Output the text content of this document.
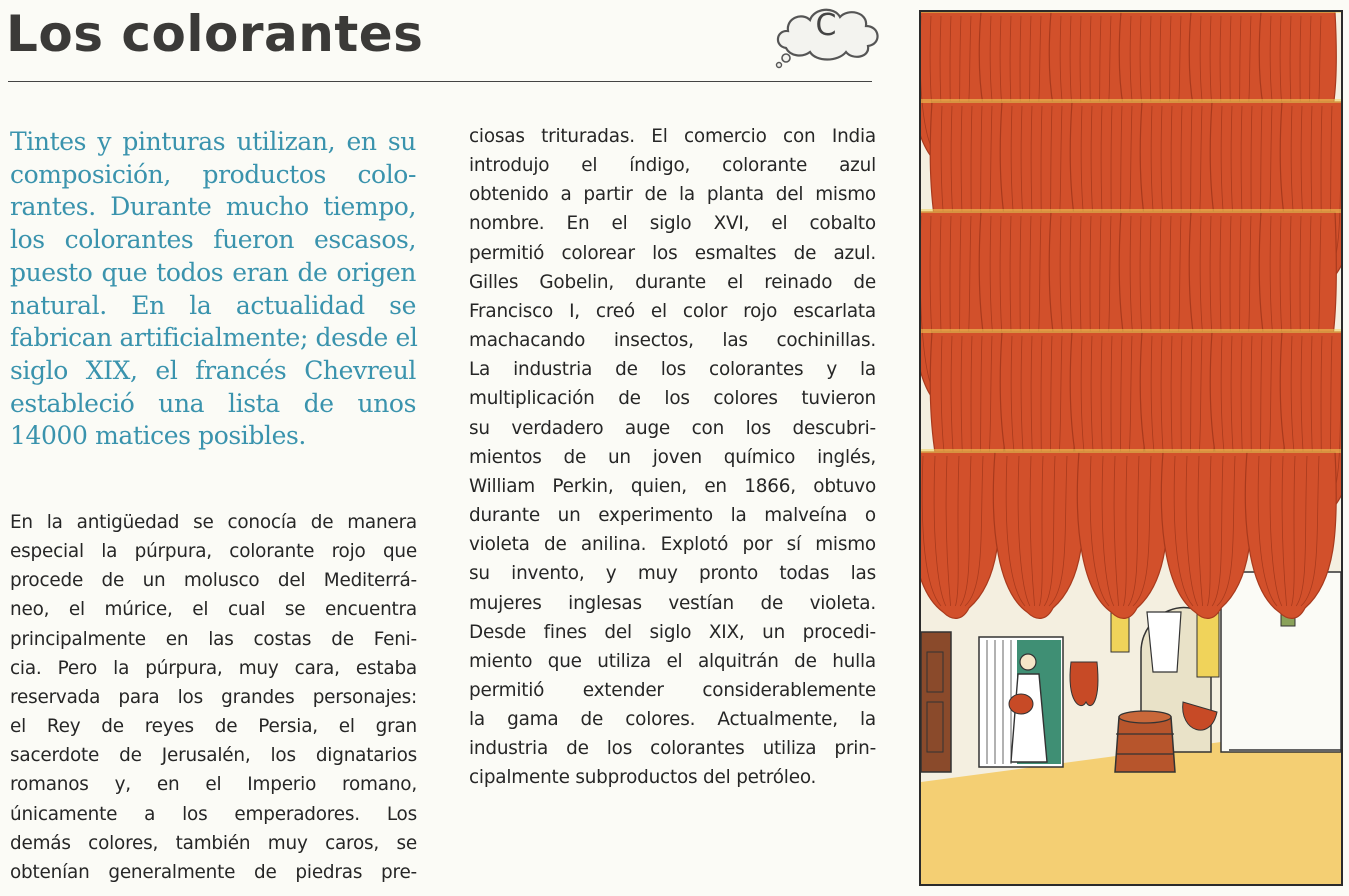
Los colorantes	C

Tintes y pinturas utilizan, en su
composición, productos colo-
rantes. Durante mucho tiempo,
los colorantes fueron escasos,
puesto que todos eran de origen
natural. En la actualidad se
fabrican artificialmente; desde el
siglo XIX, el francés Chevreul
estableció una lista de unos
14000 matices posibles.

En la antigüedad se conocía de manera
especial la púrpura, colorante rojo que
procede de un molusco del Mediterrá-
neo, el múrice, el cual se encuentra
principalmente en las costas de Feni-
cia. Pero la púrpura, muy cara, estaba
reservada para los grandes personajes:
el Rey de reyes de Persia, el gran
sacerdote de Jerusalén, los dignatarios
romanos y, en el Imperio romano,
únicamente a los emperadores. Los
demás colores, también muy caros, se
obtenían generalmente de piedras pre-

ciosas trituradas. El comercio con India
introdujo el índigo, colorante azul
obtenido a partir de la planta del mismo
nombre. En el siglo XVI, el cobalto
permitió colorear los esmaltes de azul.
Gilles Gobelin, durante el reinado de
Francisco I, creó el color rojo escarlata
machacando insectos, las cochinillas.
La industria de los colorantes y la
multiplicación de los colores tuvieron
su verdadero auge con los descubri-
mientos de un joven químico inglés,
William Perkin, quien, en 1866, obtuvo
durante un experimento la malveína o
violeta de anilina. Explotó por sí mismo
su invento, y muy pronto todas las
mujeres inglesas vestían de violeta.
Desde fines del siglo XIX, un procedi-
miento que utiliza el alquitrán de hulla
permitió extender considerablemente
la gama de colores. Actualmente, la
industria de los colorantes utiliza prin-
cipalmente subproductos del petróleo.
